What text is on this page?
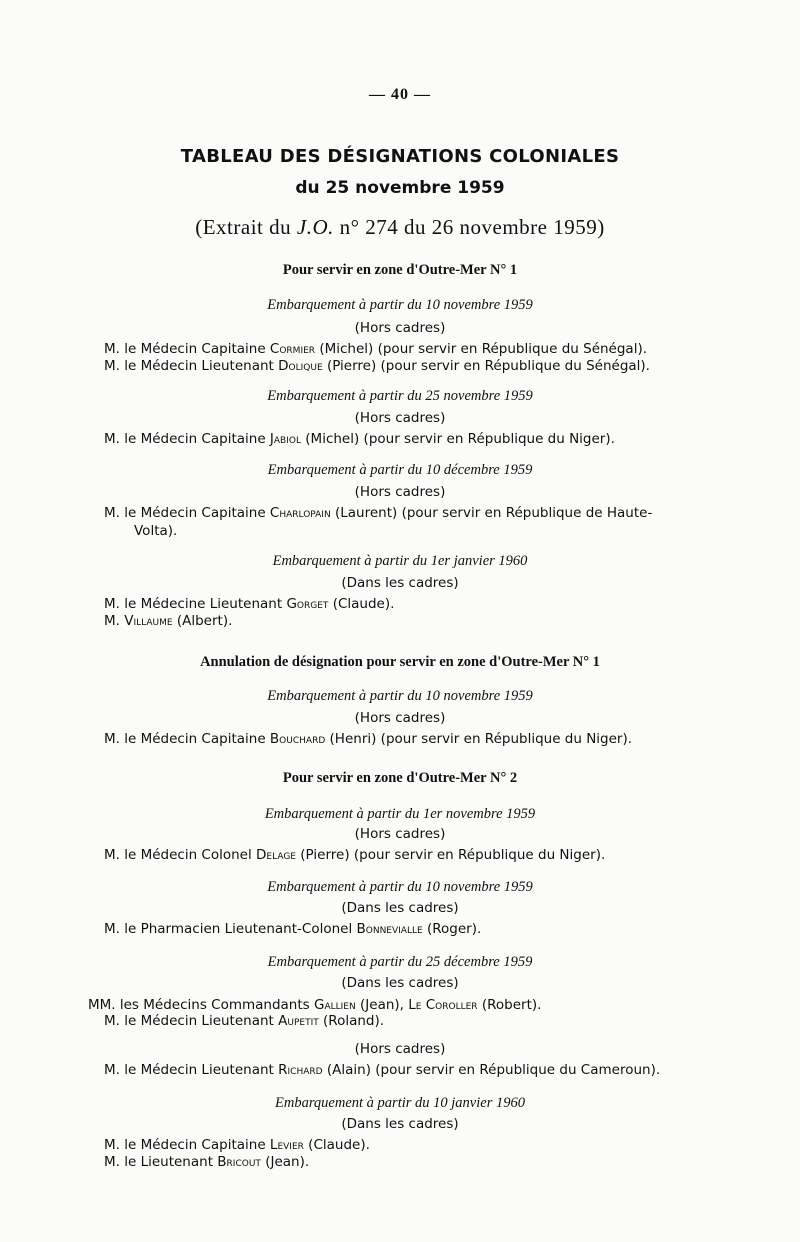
— 40 —
TABLEAU DES DÉSIGNATIONS COLONIALES
du 25 novembre 1959
(Extrait du J.O. n° 274 du 26 novembre 1959)
Pour servir en zone d'Outre-Mer N° 1
Embarquement à partir du 10 novembre 1959
(Hors cadres)
M. le Médecin Capitaine Cormier (Michel) (pour servir en République du Sénégal).
M. le Médecin Lieutenant Dolique (Pierre) (pour servir en République du Sénégal).
Embarquement à partir du 25 novembre 1959
(Hors cadres)
M. le Médecin Capitaine Jabiol (Michel) (pour servir en République du Niger).
Embarquement à partir du 10 décembre 1959
(Hors cadres)
M. le Médecin Capitaine Charlopain (Laurent) (pour servir en République de Haute-
Volta).
Embarquement à partir du 1er janvier 1960
(Dans les cadres)
M. le Médecine Lieutenant Gorget (Claude).
M. Villaume (Albert).
Annulation de désignation pour servir en zone d'Outre-Mer N° 1
Embarquement à partir du 10 novembre 1959
(Hors cadres)
M. le Médecin Capitaine Bouchard (Henri) (pour servir en République du Niger).
Pour servir en zone d'Outre-Mer N° 2
Embarquement à partir du 1er novembre 1959
(Hors cadres)
M. le Médecin Colonel Delage (Pierre) (pour servir en République du Niger).
Embarquement à partir du 10 novembre 1959
(Dans les cadres)
M. le Pharmacien Lieutenant-Colonel Bonnevialle (Roger).
Embarquement à partir du 25 décembre 1959
(Dans les cadres)
MM. les Médecins Commandants Gallien (Jean), Le Coroller (Robert).
M. le Médecin Lieutenant Aupetit (Roland).
(Hors cadres)
M. le Médecin Lieutenant Richard (Alain) (pour servir en République du Cameroun).
Embarquement à partir du 10 janvier 1960
(Dans les cadres)
M. le Médecin Capitaine Levier (Claude).
M. le Lieutenant Bricout (Jean).
